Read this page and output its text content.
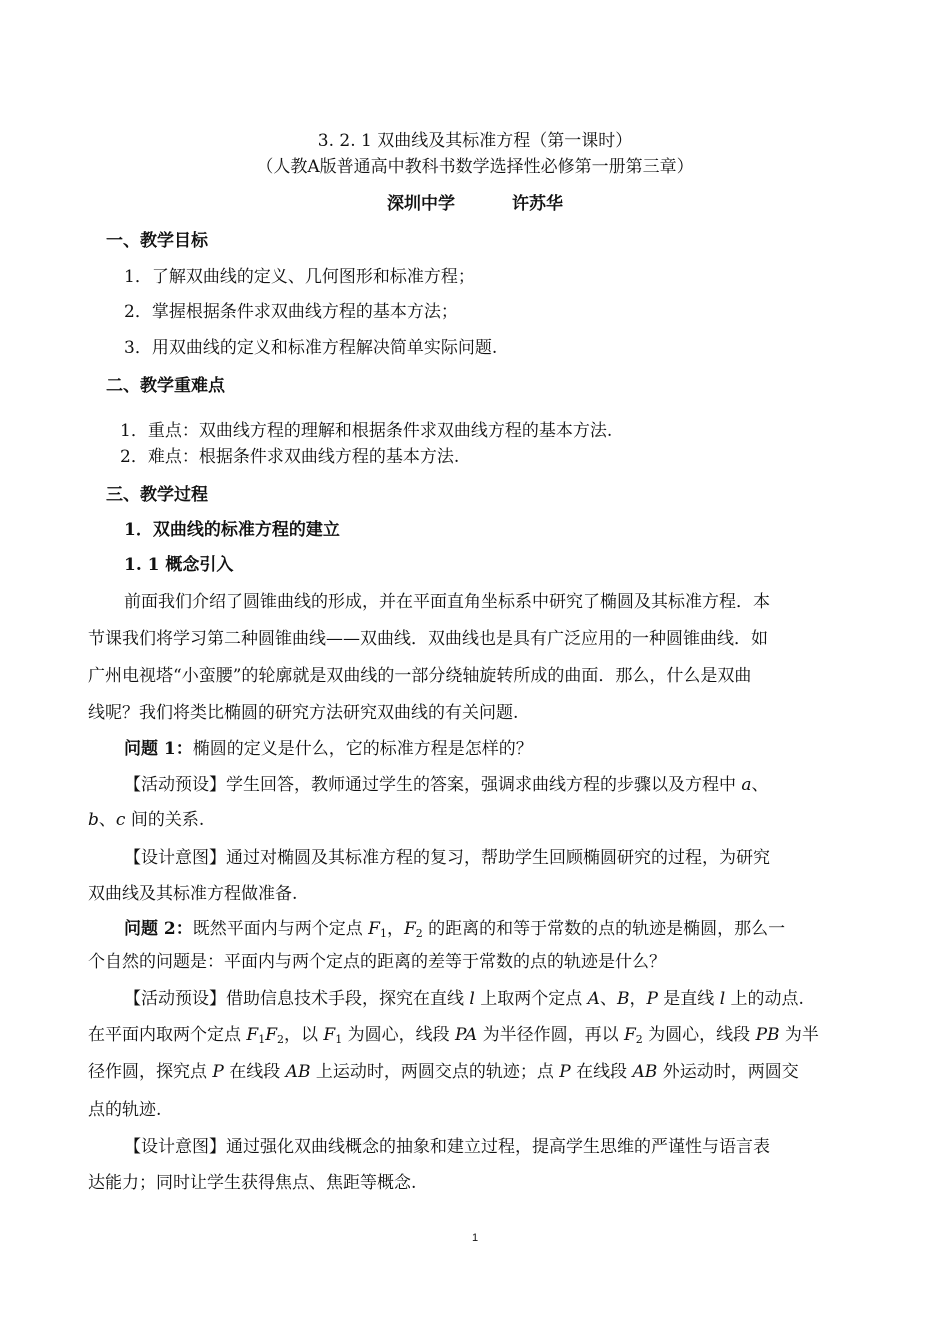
3. 2. 1 双曲线及其标准方程（第一课时）
（人教A版普通高中教科书数学选择性必修第一册第三章）
深圳中学	许苏华
一、教学目标
1．了解双曲线的定义、几何图形和标准方程；
2．掌握根据条件求双曲线方程的基本方法；
3．用双曲线的定义和标准方程解决简单实际问题.
二、教学重难点
1．重点：双曲线方程的理解和根据条件求双曲线方程的基本方法.
2．难点：根据条件求双曲线方程的基本方法.
三、教学过程
1．双曲线的标准方程的建立
1. 1 概念引入
前面我们介绍了圆锥曲线的形成，并在平面直角坐标系中研究了椭圆及其标准方程．本
节课我们将学习第二种圆锥曲线——双曲线．双曲线也是具有广泛应用的一种圆锥曲线．如
广州电视塔“小蛮腰”的轮廓就是双曲线的一部分绕轴旋转所成的曲面．那么，什么是双曲
线呢？我们将类比椭圆的研究方法研究双曲线的有关问题.
问题 1：椭圆的定义是什么，它的标准方程是怎样的？
【活动预设】学生回答，教师通过学生的答案，强调求曲线方程的步骤以及方程中 a、
b、c 间的关系.
【设计意图】通过对椭圆及其标准方程的复习，帮助学生回顾椭圆研究的过程，为研究
双曲线及其标准方程做准备.
问题 2：既然平面内与两个定点 $F_1$，$F_2$ 的距离的和等于常数的点的轨迹是椭圆，那么一
个自然的问题是：平面内与两个定点的距离的差等于常数的点的轨迹是什么？
【活动预设】借助信息技术手段，探究在直线 l 上取两个定点 A、B，P 是直线 l 上的动点.
在平面内取两个定点 $F_1F_2$，以 $F_1$ 为圆心，线段 PA 为半径作圆，再以 $F_2$ 为圆心，线段 PB 为半
径作圆，探究点 P 在线段 AB 上运动时，两圆交点的轨迹；点 P 在线段 AB 外运动时，两圆交
点的轨迹.
【设计意图】通过强化双曲线概念的抽象和建立过程，提高学生思维的严谨性与语言表
达能力；同时让学生获得焦点、焦距等概念.
1
